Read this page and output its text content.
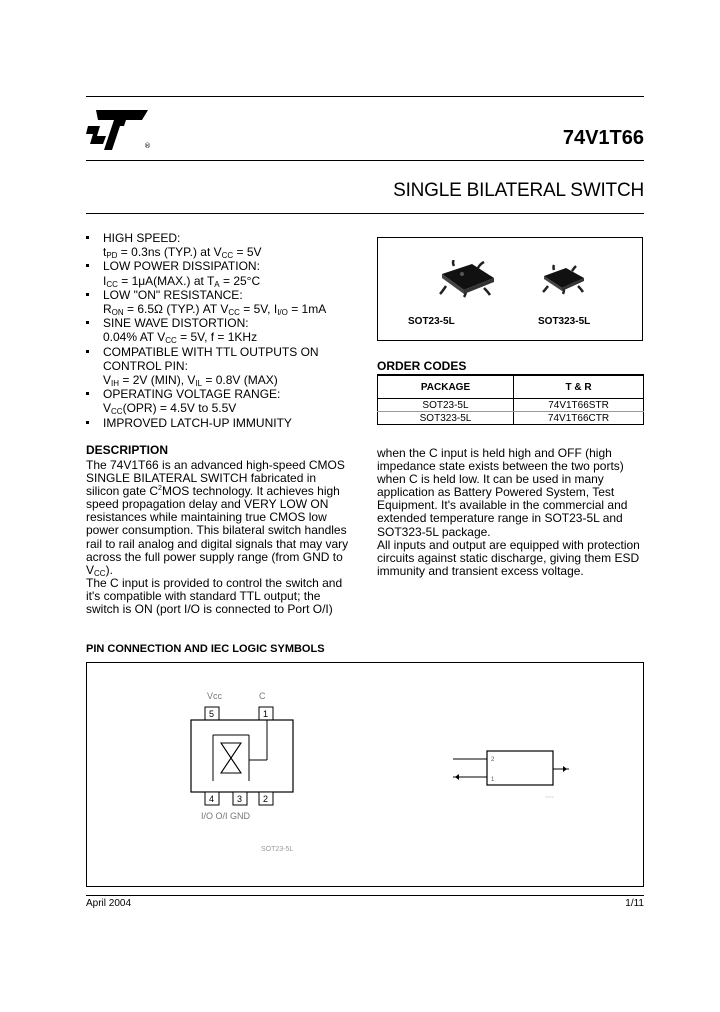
®	74V1T66
SINGLE BILATERAL SWITCH
HIGH SPEED:
$t_{PD} = 0.3ns$ (TYP.) at $V_{CC} = 5V$
LOW POWER DISSIPATION:
$I_{CC} = 1\mu A(MAX.)$ at $T_A = 25^\circ C$
LOW "ON" RESISTANCE:
$R_{ON} = 6.5\Omega$ (TYP.) AT $V_{CC} = 5V$, $I_{I/O} = 1mA$
SINE WAVE DISTORTION:
0.04% AT $V_{CC} = 5V$, f = 1KHz
COMPATIBLE WITH TTL OUTPUTS ON
CONTROL PIN:
$V_{IH} = 2V$ (MIN), $V_{IL} = 0.8V$ (MAX)
OPERATING VOLTAGE RANGE:
$V_{CC}(OPR) = 4.5V$ to 5.5V
IMPROVED LATCH-UP IMMUNITY
SOT23-5L	SOT323-5L
ORDER CODES
PACKAGE	T & R
SOT23-5L	74V1T66STR
SOT323-5L	74V1T66CTR
DESCRIPTION
The 74V1T66 is an advanced high-speed CMOS
SINGLE BILATERAL SWITCH fabricated in
silicon gate $C^2MOS$ technology. It achieves high
speed propagation delay and VERY LOW ON
resistances while maintaining true CMOS low
power consumption. This bilateral switch handles
rail to rail analog and digital signals that may vary
across the full power supply range (from GND to
$V_{CC}$).
The C input is provided to control the switch and
it's compatible with standard TTL output; the
switch is ON (port I/O is connected to Port O/I)
when the C input is held high and OFF (high
impedance state exists between the two ports)
when C is held low. It can be used in many
application as Battery Powered System, Test
Equipment. It's available in the commercial and
extended temperature range in SOT23-5L and
SOT323-5L package.
All inputs and output are equipped with protection
circuits against static discharge, giving them ESD
immunity and transient excess voltage.
PIN CONNECTION AND IEC LOGIC SYMBOLS
Vcc	C
5	1
4	3 2
I/O O/I GND
SOT23-5L
2
1
~~~
April 2004	1/11
